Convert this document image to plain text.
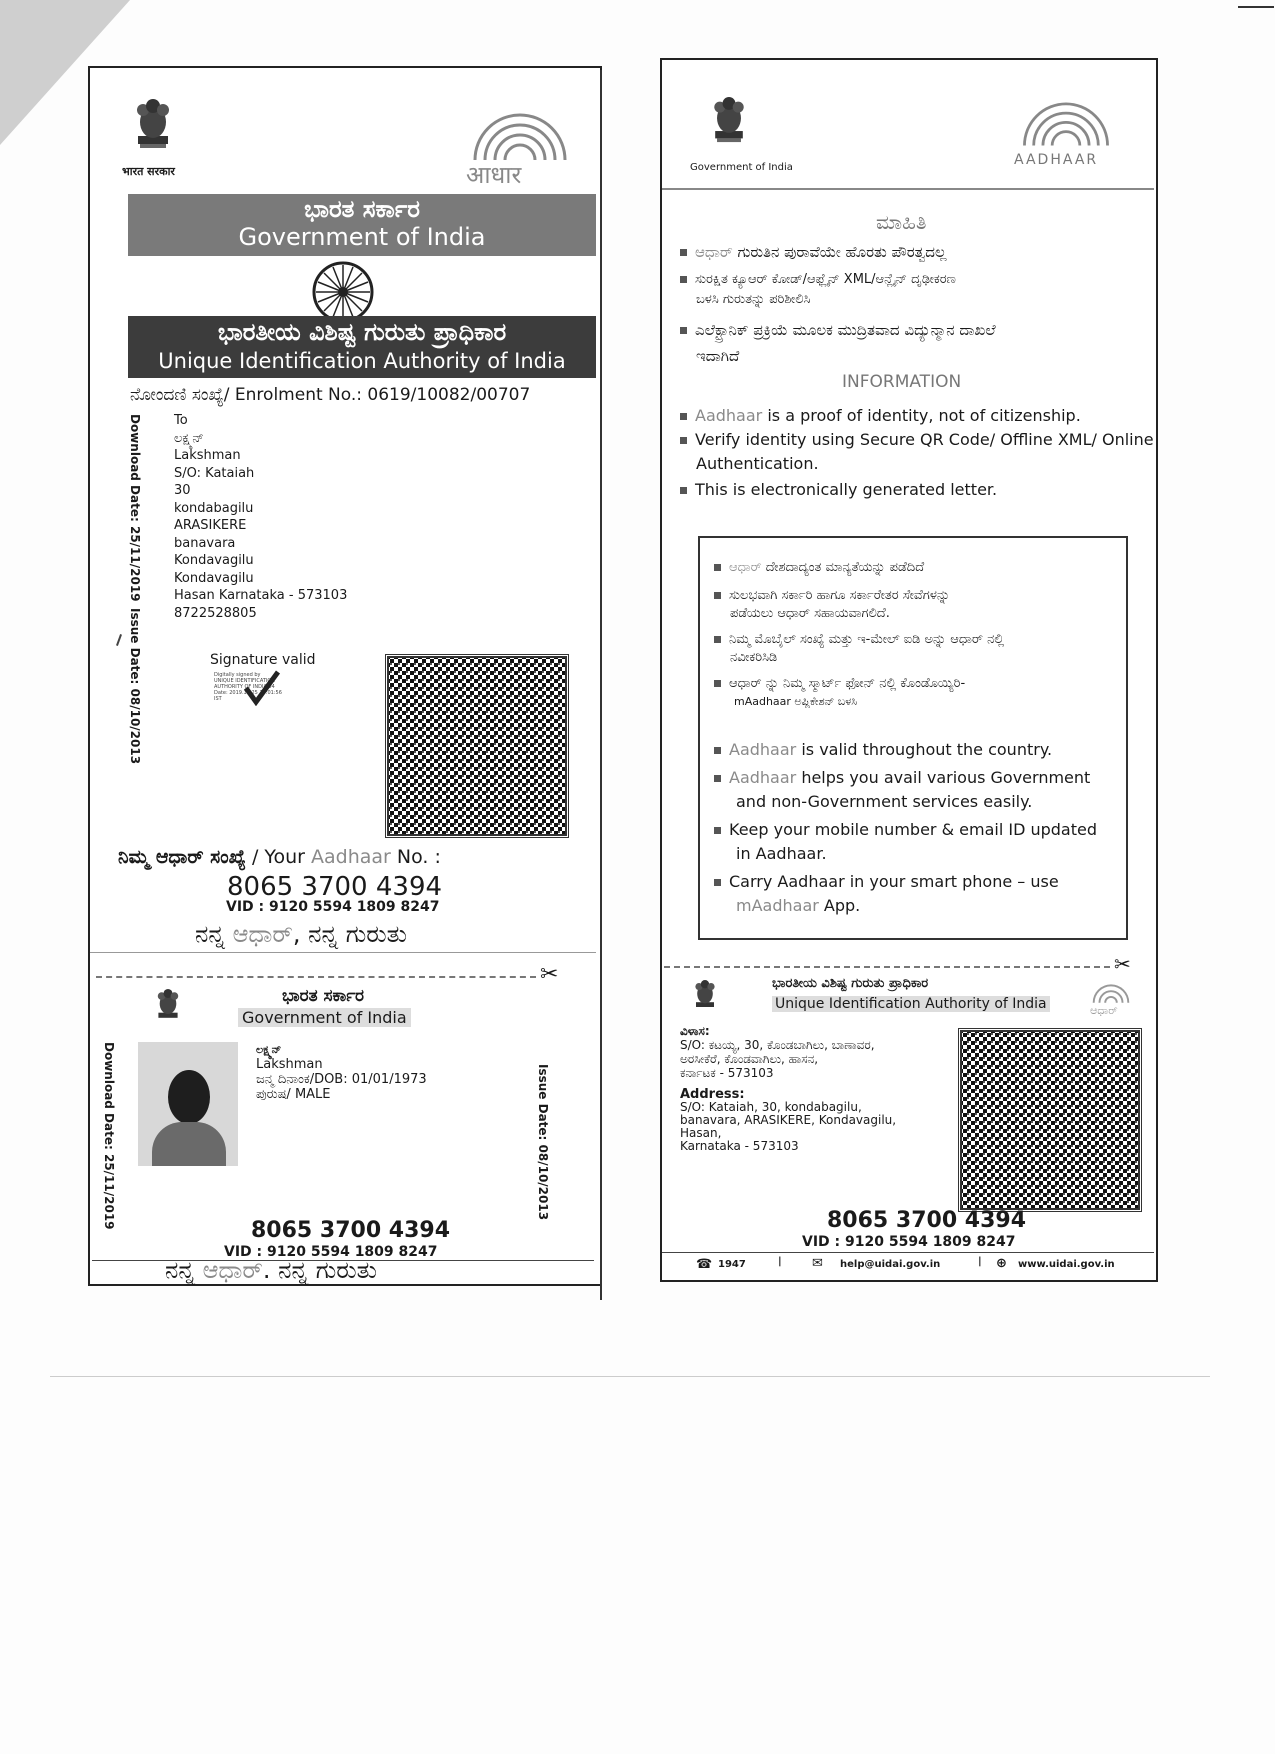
भारत सरकार	आधार
ಭಾರತ ಸರ್ಕಾರ
Government of India
ಭಾರತೀಯ ವಿಶಿಷ್ಟ ಗುರುತು ಪ್ರಾಧಿಕಾರ
Unique Identification Authority of India
ನೋಂದಣಿ ಸಂಖ್ಯೆ/ Enrolment No.: 0619/10082/00707
Download Date: 25/11/2019
Issue Date: 08/10/2013
To
ಲಕ್ಷ್ಮನ್
Lakshman
S/O: Kataiah
30
kondabagilu
ARASIKERE
banavara
Kondavagilu
Kondavagilu
Hasan Karnataka - 573103
8722528805
Signature valid
Digitally signed by
UNIQUE IDENTIFICATION
AUTHORITY OF INDIA 04
Date: 2019.11.25 14:01:56
IST
ನಿಮ್ಮ ಆಧಾರ್ ಸಂಖ್ಯೆ / Your Aadhaar No. :
8065 3700 4394
VID : 9120 5594 1809 8247
ನನ್ನ ಆಧಾರ್, ನನ್ನ ಗುರುತು
✂
ಭಾರತ ಸರ್ಕಾರ
Government of India
Download Date: 25/11/2019	Issue Date: 08/10/2013
ಲಕ್ಷ್ಮನ್
Lakshman
ಜನ್ಮ ದಿನಾಂಕ/DOB: 01/01/1973
ಪುರುಷ/ MALE
8065 3700 4394
VID : 9120 5594 1809 8247
ನನ್ನ ಆಧಾರ್. ನನ್ನ ಗುರುತು
Government of India	AADHAAR
ಮಾಹಿತಿ
ಆಧಾರ್ ಗುರುತಿನ ಪುರಾವೆಯೇ ಹೊರತು ಪೌರತ್ವದಲ್ಲ
ಸುರಕ್ಷಿತ ಕ್ಯೂಆರ್ ಕೋಡ್/ಆಫ್ಲೈನ್ XML/ಆನ್ಲೈನ್ ದೃಢೀಕರಣ
ಬಳಸಿ ಗುರುತನ್ನು ಪರಿಶೀಲಿಸಿ
ಎಲೆಕ್ಟ್ರಾನಿಕ್ ಪ್ರಕ್ರಿಯೆ ಮೂಲಕ ಮುದ್ರಿತವಾದ ವಿದ್ಯುನ್ಮಾನ ದಾಖಲೆ
ಇದಾಗಿದೆ
INFORMATION
Aadhaar is a proof of identity, not of citizenship.
Verify identity using Secure QR Code/ Offline XML/ Online
Authentication.
This is electronically generated letter.
ಆಧಾರ್ ದೇಶದಾದ್ಯಂತ ಮಾನ್ಯತೆಯನ್ನು ಪಡೆದಿದೆ
ಸುಲಭವಾಗಿ ಸರ್ಕಾರಿ ಹಾಗೂ ಸರ್ಕಾರೇತರ ಸೇವೆಗಳನ್ನು
ಪಡೆಯಲು ಆಧಾರ್ ಸಹಾಯವಾಗಲಿದೆ.
ನಿಮ್ಮ ಮೊಬೈಲ್ ಸಂಖ್ಯೆ ಮತ್ತು ಇ-ಮೇಲ್ ಐಡಿ ಅನ್ನು ಆಧಾರ್ ನಲ್ಲಿ
ನವೀಕರಿಸಿಡಿ
ಆಧಾರ್ ನ್ನು ನಿಮ್ಮ ಸ್ಮಾರ್ಟ್ ಫೋನ್ ನಲ್ಲಿ ಕೊಂಡೊಯ್ಯಿರಿ-
mAadhaar ಅಪ್ಲಿಕೇಶನ್ ಬಳಸಿ
Aadhaar is valid throughout the country.
Aadhaar helps you avail various Government
and non-Government services easily.
Keep your mobile number & email ID updated
in Aadhaar.
Carry Aadhaar in your smart phone – use
mAadhaar App.
✂
ಭಾರತೀಯ ವಿಶಿಷ್ಟ ಗುರುತು ಪ್ರಾಧಿಕಾರ
Unique Identification Authority of India	ಆಧಾರ್
ವಿಳಾಸ:
S/O: ಕಟಯ್ಯ, 30, ಕೊಂಡಬಾಗಿಲು, ಬಾಣಾವರ,
ಅರಸೀಕೆರೆ, ಕೊಂಡವಾಗಿಲು, ಹಾಸನ,
ಕರ್ನಾಟಕ - 573103
Address:
S/O: Kataiah, 30, kondabagilu,
banavara, ARASIKERE, Kondavagilu,
Hasan,
Karnataka - 573103
8065 3700 4394
VID : 9120 5594 1809 8247
☎ 1947	| ✉ help@uidai.gov.in	| ⊕ www.uidai.gov.in
